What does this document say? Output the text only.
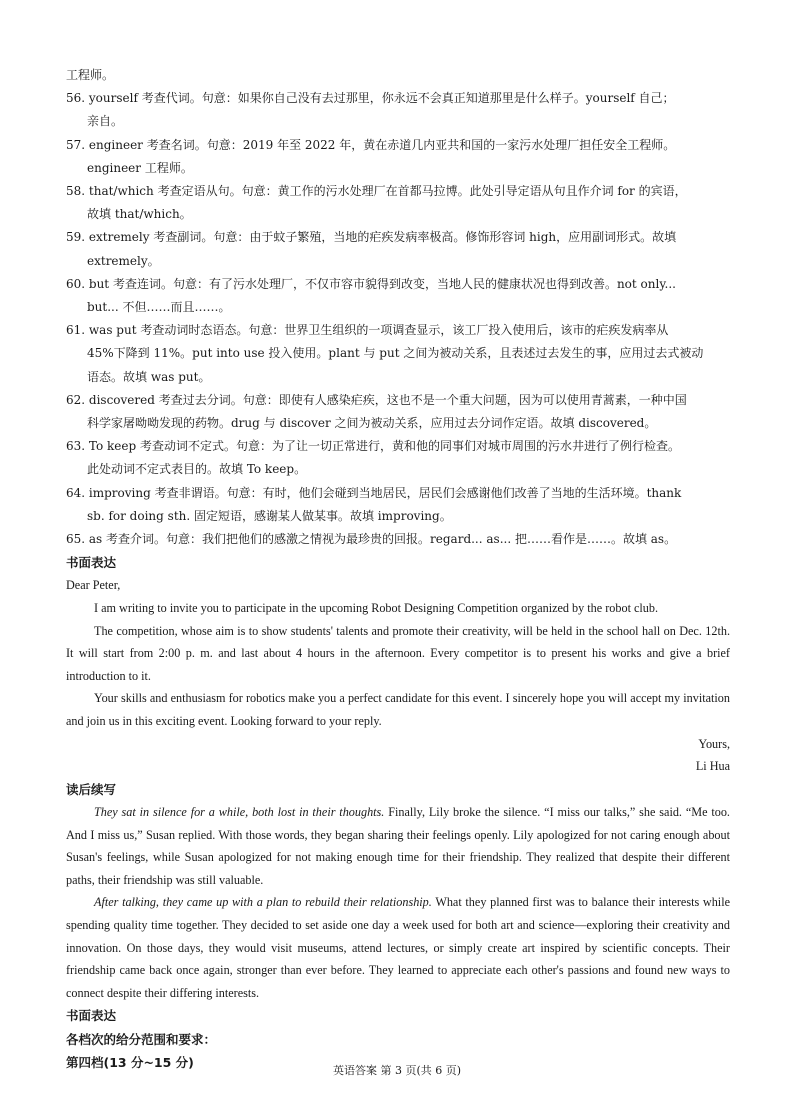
工程师。
56. yourself 考查代词。句意：如果你自己没有去过那里，你永远不会真正知道那里是什么样子。yourself 自己；
亲自。
57. engineer 考查名词。句意：2019 年至 2022 年，黄在赤道几内亚共和国的一家污水处理厂担任安全工程师。
engineer 工程师。
58. that/which 考查定语从句。句意：黄工作的污水处理厂在首都马拉博。此处引导定语从句且作介词 for 的宾语，
故填 that/which。
59. extremely 考查副词。句意：由于蚊子繁殖，当地的疟疾发病率极高。修饰形容词 high，应用副词形式。故填
extremely。
60. but 考查连词。句意：有了污水处理厂，不仅市容市貌得到改变，当地人民的健康状况也得到改善。not only...
but... 不但……而且……。
61. was put 考查动词时态语态。句意：世界卫生组织的一项调查显示，该工厂投入使用后，该市的疟疾发病率从
45%下降到 11%。put into use 投入使用。plant 与 put 之间为被动关系，且表述过去发生的事，应用过去式被动
语态。故填 was put。
62. discovered 考查过去分词。句意：即使有人感染疟疾，这也不是一个重大问题，因为可以使用青蒿素，一种中国
科学家屠呦呦发现的药物。drug 与 discover 之间为被动关系，应用过去分词作定语。故填 discovered。
63. To keep 考查动词不定式。句意：为了让一切正常进行，黄和他的同事们对城市周围的污水井进行了例行检查。
此处动词不定式表目的。故填 To keep。
64. improving 考查非谓语。句意：有时，他们会碰到当地居民，居民们会感谢他们改善了当地的生活环境。thank
sb. for doing sth. 固定短语，感谢某人做某事。故填 improving。
65. as 考查介词。句意：我们把他们的感激之情视为最珍贵的回报。regard... as... 把……看作是……。故填 as。
书面表达
Dear Peter,
I am writing to invite you to participate in the upcoming Robot Designing Competition organized by the robot club.
The competition, whose aim is to show students' talents and promote their creativity, will be held in the school hall on Dec. 12th. It will start from 2:00 p. m. and last about 4 hours in the afternoon. Every competitor is to present his works and give a brief introduction to it.
Your skills and enthusiasm for robotics make you a perfect candidate for this event. I sincerely hope you will accept my invitation and join us in this exciting event. Looking forward to your reply.
Yours,
Li Hua
读后续写
They sat in silence for a while, both lost in their thoughts. Finally, Lily broke the silence. “I miss our talks,” she said. “Me too. And I miss us,” Susan replied. With those words, they began sharing their feelings openly. Lily apologized for not caring enough about Susan's feelings, while Susan apologized for not making enough time for their friendship. They realized that despite their different paths, their friendship was still valuable.
After talking, they came up with a plan to rebuild their relationship. What they planned first was to balance their interests while spending quality time together. They decided to set aside one day a week used for both art and science—exploring their creativity and innovation. On those days, they would visit museums, attend lectures, or simply create art inspired by scientific concepts. Their friendship came back once again, stronger than ever before. They learned to appreciate each other's passions and found new ways to connect despite their differing interests.
书面表达
各档次的给分范围和要求：
第四档(13 分~15 分)
英语答案 第 3 页(共 6 页)
